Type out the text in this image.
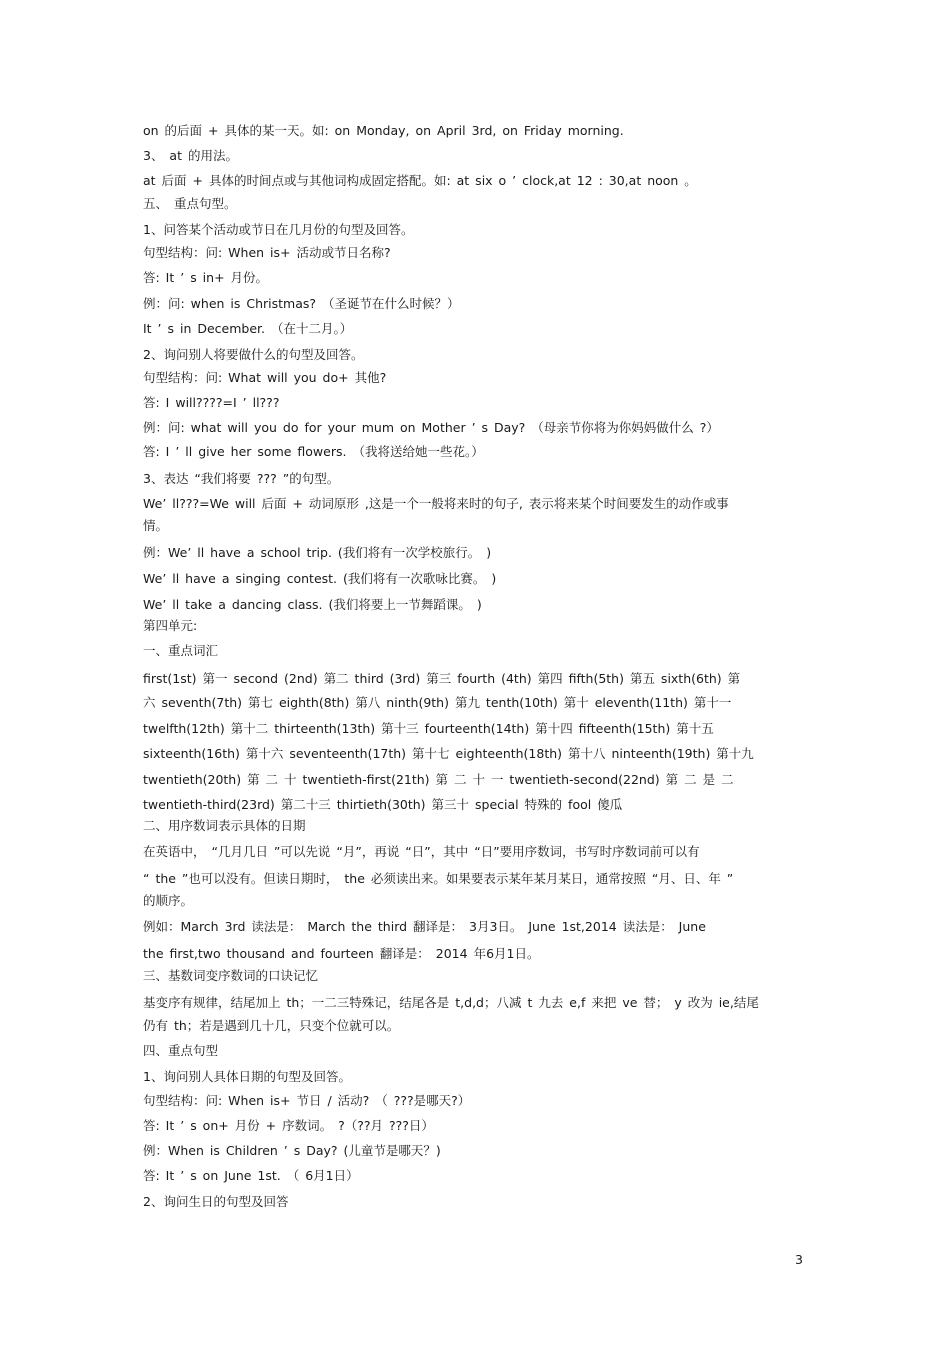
on 的后面 + 具体的某一天。如: on Monday, on April 3rd, on Friday morning.
3、 at 的用法。
at 后面 + 具体的时间点或与其他词构成固定搭配。如: at six o ’ clock,at 12 : 30,at noon 。
五、 重点句型。
1、问答某个活动或节日在几月份的句型及回答。
句型结构：问: When is+ 活动或节日名称?
答: It ’ s in+ 月份。
例：问: when is Christmas? （圣诞节在什么时候？）
It ’ s in December. （在十二月。）
2、询问别人将要做什么的句型及回答。
句型结构：问: What will you do+ 其他?
答: I will????=I ’ ll???
例：问: what will you do for your mum on Mother ’ s Day? （母亲节你将为你妈妈做什么 ?）
答: I ’ ll give her some flowers. （我将送给她一些花。）
3、表达 “我们将要 ??? ”的句型。
We’ ll???=We will 后面 + 动词原形 ,这是一个一般将来时的句子, 表示将来某个时间要发生的动作或事
情。
例：We’ ll have a school trip. (我们将有一次学校旅行。 )
We’ ll have a singing contest. (我们将有一次歌咏比赛。 )
We’ ll take a dancing class. (我们将要上一节舞蹈课。 )
第四单元:
一、重点词汇
first(1st) 第一 second (2nd) 第二 third (3rd) 第三 fourth (4th) 第四 fifth(5th) 第五 sixth(6th) 第
六 seventh(7th) 第七 eighth(8th) 第八 ninth(9th) 第九 tenth(10th) 第十 eleventh(11th) 第十一
twelfth(12th) 第十二 thirteenth(13th) 第十三 fourteenth(14th) 第十四 fifteenth(15th) 第十五
sixteenth(16th) 第十六 seventeenth(17th) 第十七 eighteenth(18th) 第十八 ninteenth(19th) 第十九
twentieth(20th) 第 二 十 twentieth-first(21th) 第 二 十 一 twentieth-second(22nd) 第 二 是 二
twentieth-third(23rd) 第二十三 thirtieth(30th) 第三十 special 特殊的 fool 傻瓜
二、用序数词表示具体的日期
在英语中， “几月几日 ”可以先说 “月”，再说 “日”，其中 “日”要用序数词，书写时序数词前可以有
“ the ”也可以没有。但读日期时， the 必须读出来。如果要表示某年某月某日，通常按照 “月、日、年 ”
的顺序。
例如：March 3rd 读法是： March the third 翻译是： 3月3日。 June 1st,2014 读法是： June
the first,two thousand and fourteen 翻译是： 2014 年6月1日。
三、基数词变序数词的口诀记忆
基变序有规律，结尾加上 th；一二三特殊记，结尾各是 t,d,d；八减 t 九去 e,f 来把 ve 替； y 改为 ie,结尾
仍有 th；若是遇到几十几，只变个位就可以。
四、重点句型
1、询问别人具体日期的句型及回答。
句型结构：问: When is+ 节日 / 活动? （ ???是哪天?）
答: It ’ s on+ 月份 + 序数词。 ?（??月 ???日）
例：When is Children ’ s Day? (儿童节是哪天？)
答: It ’ s on June 1st. （ 6月1日）
2、询问生日的句型及回答
3
